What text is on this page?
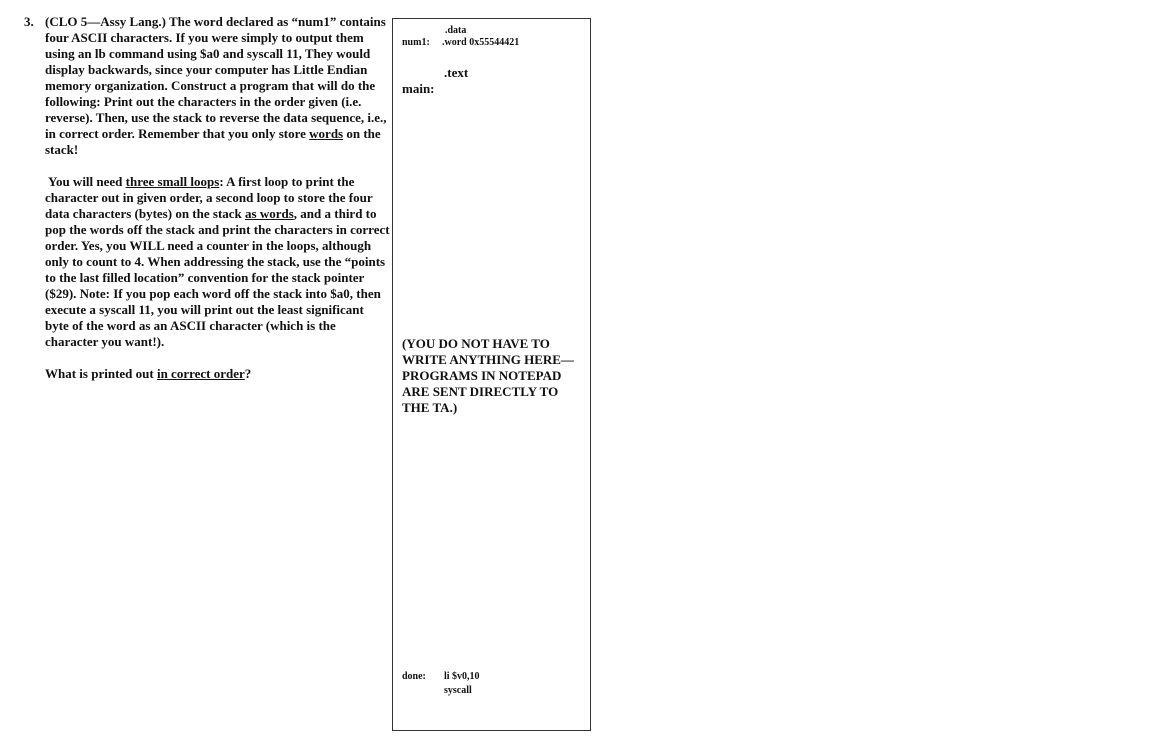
3. (CLO 5—Assy Lang.) The word declared as “num1” contains four ASCII characters. If you were simply to output them using an lb command using $a0 and syscall 11, They would display backwards, since your computer has Little Endian memory organization. Construct a program that will do the following: Print out the characters in the order given (i.e. reverse). Then, use the stack to reverse the data sequence, i.e., in correct order. Remember that you only store words on the stack!

You will need three small loops: A first loop to print the character out in given order, a second loop to store the four data characters (bytes) on the stack as words, and a third to pop the words off the stack and print the characters in correct order. Yes, you WILL need a counter in the loops, although only to count to 4. When addressing the stack, use the “points to the last filled location” convention for the stack pointer ($29). Note: If you pop each word off the stack into $a0, then execute a syscall 11, you will print out the least significant byte of the word as an ASCII character (which is the character you want!).

What is printed out in correct order?

.data
num1: .word 0x55544421
.text
main:
(YOU DO NOT HAVE TO WRITE ANYTHING HERE—PROGRAMS IN NOTEPAD ARE SENT DIRECTLY TO THE TA.)
done: li $v0,10
syscall
